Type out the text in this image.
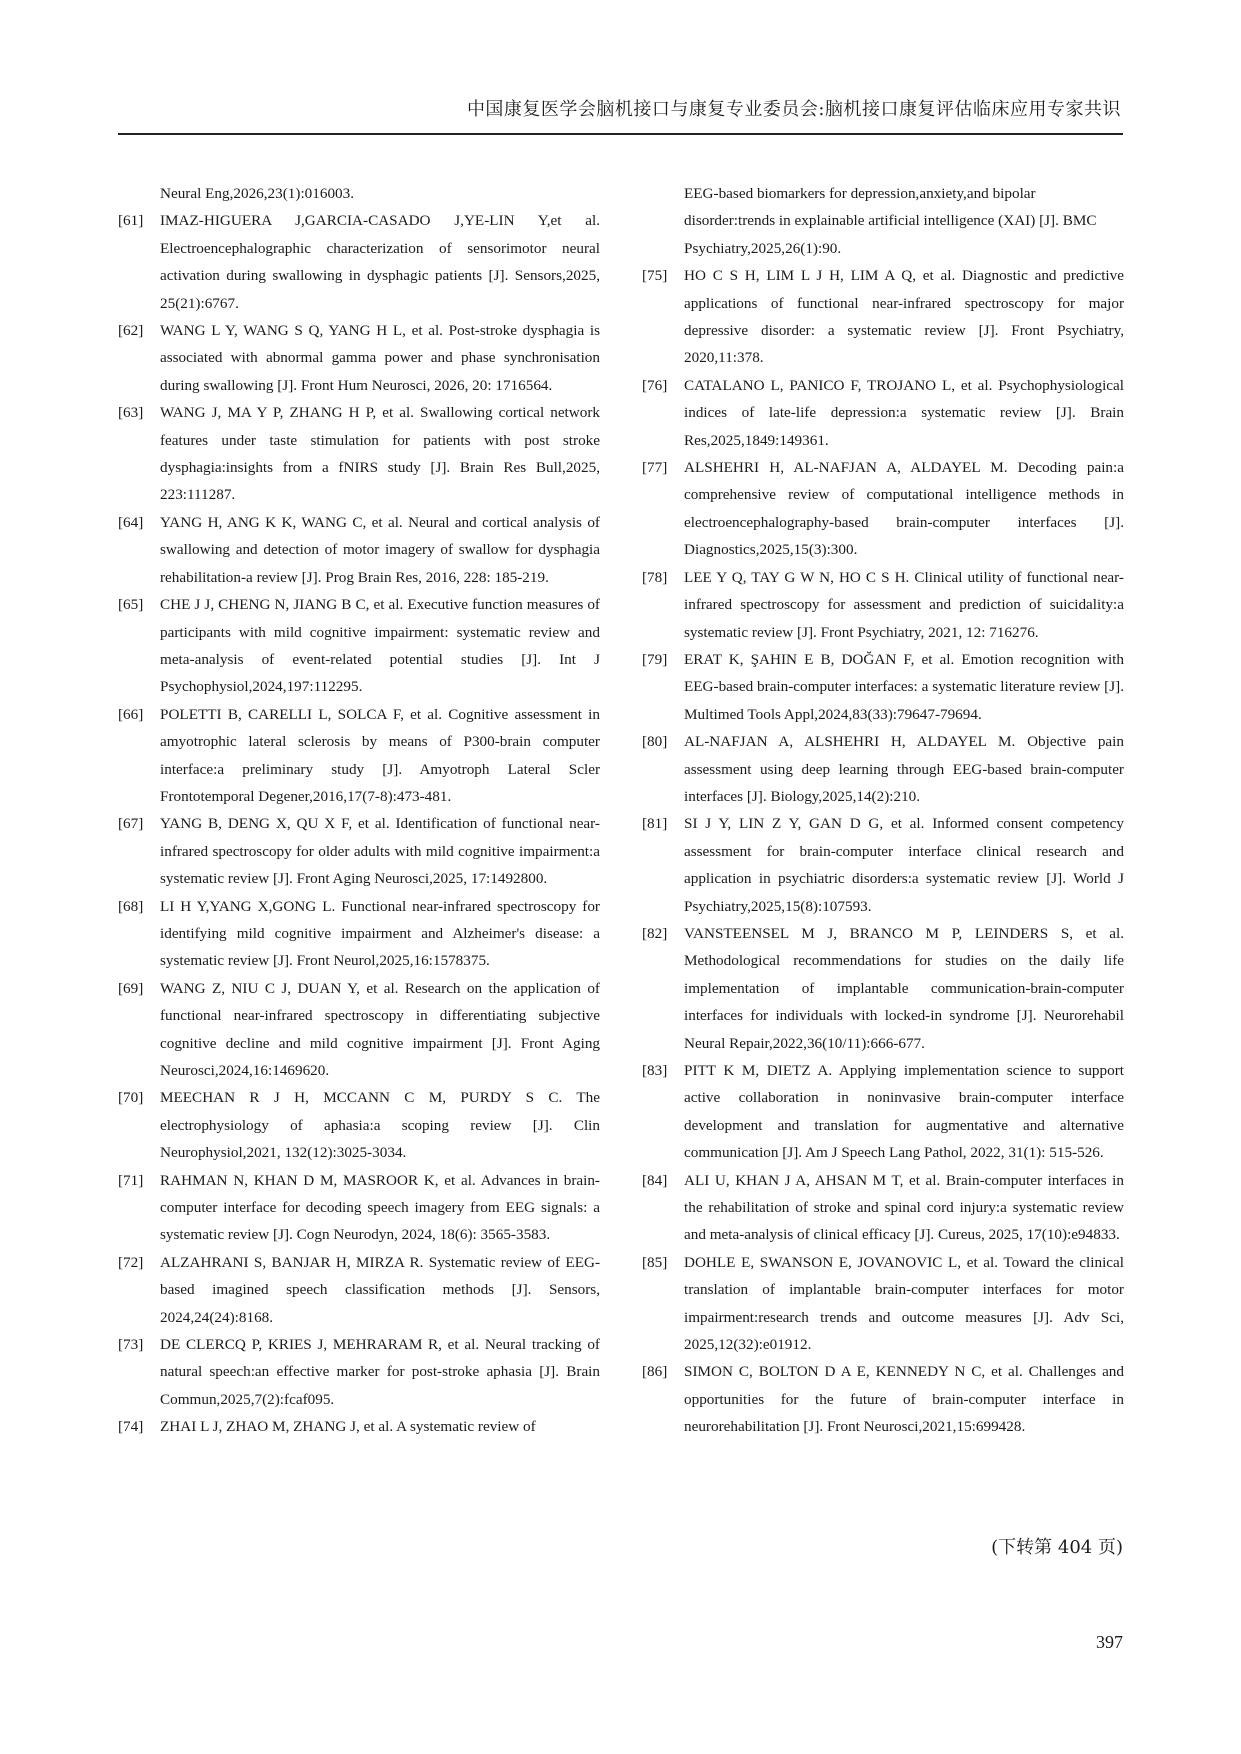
中国康复医学会脑机接口与康复专业委员会:脑机接口康复评估临床应用专家共识
Neural Eng,2026,23(1):016003.
[61] IMAZ-HIGUERA J,GARCIA-CASADO J,YE-LIN Y,et al. Electroencephalographic characterization of sensorimotor neural activation during swallowing in dysphagic patients [J]. Sensors,2025, 25(21):6767.
[62] WANG L Y, WANG S Q, YANG H L, et al. Post-stroke dysphagia is associated with abnormal gamma power and phase synchronisation during swallowing [J]. Front Hum Neurosci, 2026, 20: 1716564.
[63] WANG J, MA Y P, ZHANG H P, et al. Swallowing cortical network features under taste stimulation for patients with post stroke dysphagia:insights from a fNIRS study [J]. Brain Res Bull,2025, 223:111287.
[64] YANG H, ANG K K, WANG C, et al. Neural and cortical analysis of swallowing and detection of motor imagery of swallow for dysphagia rehabilitation-a review [J]. Prog Brain Res, 2016, 228: 185-219.
[65] CHE J J, CHENG N, JIANG B C, et al. Executive function measures of participants with mild cognitive impairment: systematic review and meta-analysis of event-related potential studies [J]. Int J Psychophysiol,2024,197:112295.
[66] POLETTI B, CARELLI L, SOLCA F, et al. Cognitive assessment in amyotrophic lateral sclerosis by means of P300-brain computer interface:a preliminary study [J]. Amyotroph Lateral Scler Frontotemporal Degener,2016,17(7-8):473-481.
[67] YANG B, DENG X, QU X F, et al. Identification of functional near-infrared spectroscopy for older adults with mild cognitive impairment:a systematic review [J]. Front Aging Neurosci,2025, 17:1492800.
[68] LI H Y,YANG X,GONG L. Functional near-infrared spectroscopy for identifying mild cognitive impairment and Alzheimer's disease: a systematic review [J]. Front Neurol,2025,16:1578375.
[69] WANG Z, NIU C J, DUAN Y, et al. Research on the application of functional near-infrared spectroscopy in differentiating subjective cognitive decline and mild cognitive impairment [J]. Front Aging Neurosci,2024,16:1469620.
[70] MEECHAN R J H, MCCANN C M, PURDY S C. The electrophysiology of aphasia:a scoping review [J]. Clin Neurophysiol,2021, 132(12):3025-3034.
[71] RAHMAN N, KHAN D M, MASROOR K, et al. Advances in brain-computer interface for decoding speech imagery from EEG signals: a systematic review [J]. Cogn Neurodyn, 2024, 18(6): 3565-3583.
[72] ALZAHRANI S, BANJAR H, MIRZA R. Systematic review of EEG-based imagined speech classification methods [J]. Sensors, 2024,24(24):8168.
[73] DE CLERCQ P, KRIES J, MEHRARAM R, et al. Neural tracking of natural speech:an effective marker for post-stroke aphasia [J]. Brain Commun,2025,7(2):fcaf095.
[74] ZHAI L J, ZHAO M, ZHANG J, et al. A systematic review of
EEG-based biomarkers for depression,anxiety,and bipolar disorder:trends in explainable artificial intelligence (XAI) [J]. BMC Psychiatry,2025,26(1):90.
[75] HO C S H, LIM L J H, LIM A Q, et al. Diagnostic and predictive applications of functional near-infrared spectroscopy for major depressive disorder: a systematic review [J]. Front Psychiatry, 2020,11:378.
[76] CATALANO L, PANICO F, TROJANO L, et al. Psychophysiological indices of late-life depression:a systematic review [J]. Brain Res,2025,1849:149361.
[77] ALSHEHRI H, AL-NAFJAN A, ALDAYEL M. Decoding pain:a comprehensive review of computational intelligence methods in electroencephalography-based brain-computer interfaces [J]. Diagnostics,2025,15(3):300.
[78] LEE Y Q, TAY G W N, HO C S H. Clinical utility of functional near-infrared spectroscopy for assessment and prediction of suicidality:a systematic review [J]. Front Psychiatry, 2021, 12: 716276.
[79] ERAT K, ŞAHIN E B, DOĞAN F, et al. Emotion recognition with EEG-based brain-computer interfaces: a systematic literature review [J]. Multimed Tools Appl,2024,83(33):79647-79694.
[80] AL-NAFJAN A, ALSHEHRI H, ALDAYEL M. Objective pain assessment using deep learning through EEG-based brain-computer interfaces [J]. Biology,2025,14(2):210.
[81] SI J Y, LIN Z Y, GAN D G, et al. Informed consent competency assessment for brain-computer interface clinical research and application in psychiatric disorders:a systematic review [J]. World J Psychiatry,2025,15(8):107593.
[82] VANSTEENSEL M J, BRANCO M P, LEINDERS S, et al. Methodological recommendations for studies on the daily life implementation of implantable communication-brain-computer interfaces for individuals with locked-in syndrome [J]. Neurorehabil Neural Repair,2022,36(10/11):666-677.
[83] PITT K M, DIETZ A. Applying implementation science to support active collaboration in noninvasive brain-computer interface development and translation for augmentative and alternative communication [J]. Am J Speech Lang Pathol, 2022, 31(1): 515-526.
[84] ALI U, KHAN J A, AHSAN M T, et al. Brain-computer interfaces in the rehabilitation of stroke and spinal cord injury:a systematic review and meta-analysis of clinical efficacy [J]. Cureus, 2025, 17(10):e94833.
[85] DOHLE E, SWANSON E, JOVANOVIC L, et al. Toward the clinical translation of implantable brain-computer interfaces for motor impairment:research trends and outcome measures [J]. Adv Sci, 2025,12(32):e01912.
[86] SIMON C, BOLTON D A E, KENNEDY N C, et al. Challenges and opportunities for the future of brain-computer interface in neurorehabilitation [J]. Front Neurosci,2021,15:699428.
(下转第 404 页)
397
